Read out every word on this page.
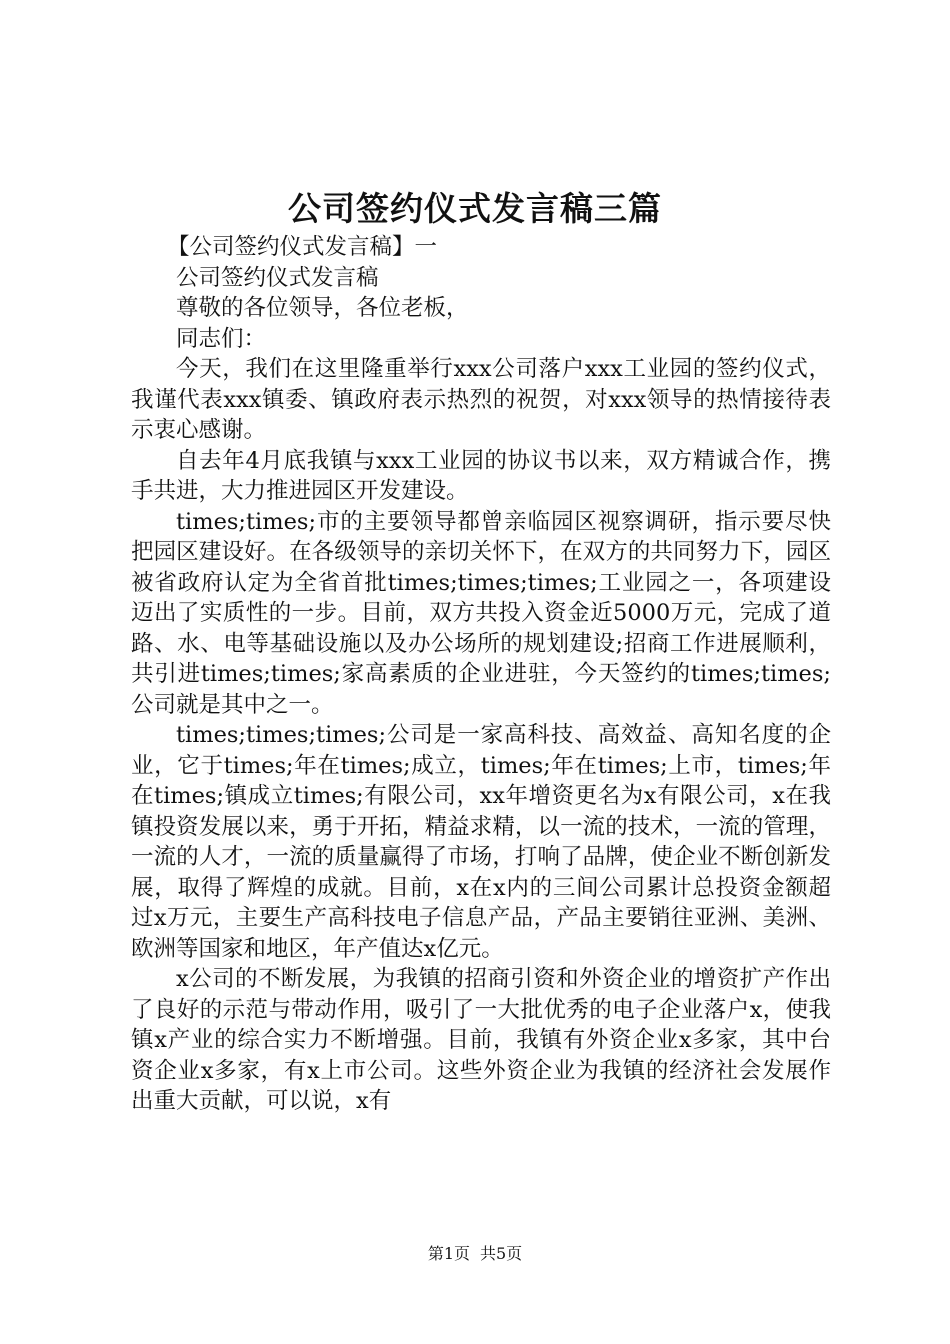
公司签约仪式发言稿三篇

【公司签约仪式发言稿】一

公司签约仪式发言稿

尊敬的各位领导，各位老板，

同志们：

今天，我们在这里隆重举行xxx公司落户xxx工业园的签约仪式，我谨代表xxx镇委、镇政府表示热烈的祝贺，对xxx领导的热情接待表示衷心感谢。

自去年4月底我镇与xxx工业园的协议书以来，双方精诚合作，携手共进，大力推进园区开发建设。

times;times;市的主要领导都曾亲临园区视察调研，指示要尽快把园区建设好。在各级领导的亲切关怀下，在双方的共同努力下，园区被省政府认定为全省首批times;times;times;工业园之一，各项建设迈出了实质性的一步。目前，双方共投入资金近5000万元，完成了道路、水、电等基础设施以及办公场所的规划建设;招商工作进展顺利，共引进times;times;家高素质的企业进驻，今天签约的times;times;公司就是其中之一。

times;times;times;公司是一家高科技、高效益、高知名度的企业，它于times;年在times;成立，times;年在times;上市，times;年在times;镇成立times;有限公司，xx年增资更名为x有限公司，x在我镇投资发展以来，勇于开拓，精益求精，以一流的技术，一流的管理，一流的人才，一流的质量赢得了市场，打响了品牌，使企业不断创新发展，取得了辉煌的成就。目前，x在x内的三间公司累计总投资金额超过x万元，主要生产高科技电子信息产品，产品主要销往亚洲、美洲、欧洲等国家和地区，年产值达x亿元。

x公司的不断发展，为我镇的招商引资和外资企业的增资扩产作出了良好的示范与带动作用，吸引了一大批优秀的电子企业落户x，使我镇x产业的综合实力不断增强。目前，我镇有外资企业x多家，其中台资企业x多家，有x上市公司。这些外资企业为我镇的经济社会发展作出重大贡献，可以说，x有

第1页 共5页
